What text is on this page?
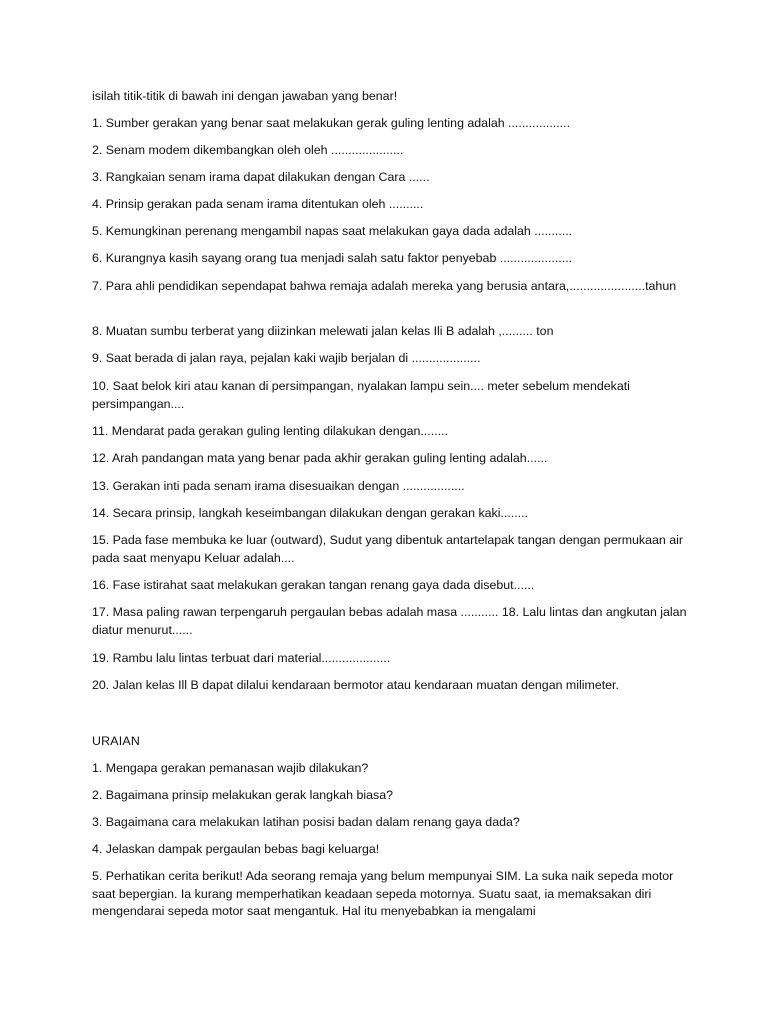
isilah titik-titik di bawah ini dengan jawaban yang benar!

1. Sumber gerakan yang benar saat melakukan gerak guling lenting adalah ..................

2. Senam modem dikembangkan oleh oleh .....................

3. Rangkaian senam irama dapat dilakukan dengan Cara ......

4. Prinsip gerakan pada senam irama ditentukan oleh ..........

5. Kemungkinan perenang mengambil napas saat melakukan gaya dada adalah ...........

6. Kurangnya kasih sayang orang tua menjadi salah satu faktor penyebab .....................

7. Para ahli pendidikan sependapat bahwa remaja adalah mereka yang berusia antara,......................tahun

8. Muatan sumbu terberat yang diizinkan melewati jalan kelas Ili B adalah ,......... ton

9. Saat berada di jalan raya, pejalan kaki wajib berjalan di ....................

10. Saat belok kiri atau kanan di persimpangan, nyalakan lampu sein.... meter sebelum mendekati persimpangan....

11. Mendarat pada gerakan guling lenting dilakukan dengan........

12. Arah pandangan mata yang benar pada akhir gerakan guling lenting adalah......

13. Gerakan inti pada senam irama disesuaikan dengan ..................

14. Secara prinsip, langkah keseimbangan dilakukan dengan gerakan kaki........

15. Pada fase membuka ke luar (outward), Sudut yang dibentuk antartelapak tangan dengan permukaan air pada saat menyapu Keluar adalah....

16. Fase istirahat saat melakukan gerakan tangan renang gaya dada disebut......

17. Masa paling rawan terpengaruh pergaulan bebas adalah masa ........... 18. Lalu lintas dan angkutan jalan diatur menurut......

19. Rambu lalu lintas terbuat dari material....................

20. Jalan kelas Ill B dapat dilalui kendaraan bermotor atau kendaraan muatan dengan milimeter.

URAIAN

1. Mengapa gerakan pemanasan wajib dilakukan?

2. Bagaimana prinsip melakukan gerak langkah biasa?

3. Bagaimana cara melakukan latihan posisi badan dalam renang gaya dada?

4. Jelaskan dampak pergaulan bebas bagi keluarga!

5. Perhatikan cerita berikut! Ada seorang remaja yang belum mempunyai SIM. La suka naik sepeda motor saat bepergian. Ia kurang memperhatikan keadaan sepeda motornya. Suatu saat, ia memaksakan diri mengendarai sepeda motor saat mengantuk. Hal itu menyebabkan ia mengalami
